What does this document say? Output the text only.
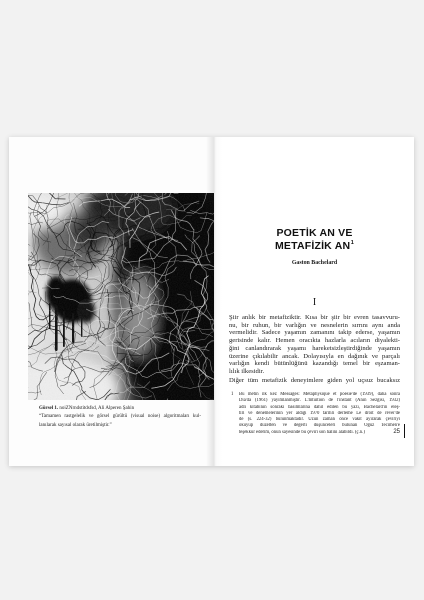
Görsel 1. noiZNrndstitdsfsd, Ali Alperen Şahin
“Tamamen rastgelelik ve görsel gürültü (visual noise) algoritmaları kul-
lanılarak sayısal olarak üretilmiştir.”
POETİK AN VE
METAFİZİK $AN^1$
Gaston Bachelard
I
Şiir anlık bir metafiziktir. Kısa bir şiir bir evren tasavvuru-
nu, bir ruhun, bir varlığın ve nesnelerin sırrını aynı anda
vermelidir. Sadece yaşamın zamanını takip ederse, yaşamın
gerisinde kalır. Hemen oracıkta hazlarla acıların diyalekti-
ğini canlandırarak yaşamı hareketsizleştirdiğinde yaşamın
üzerine çıkılabilir ancak. Dolayısıyla en dağınık ve parçalı
varlığın kendi bütünlüğünü kazandığı temel bir eşzaman-
lılık ilkesidir.
Diğer tüm metafizik deneyimlere giden yol uçsuz bucaksız
1 Bu metin ilk kez Messages: Métaphysique et poésie'de (1939), daha sonra
Dia'da (1961) yayımlanmıştır. L'Intuition de l'instant (Anın Sezgisi, 1932)
adlı kitabının sonraki basımlarına dahil edilen bu yazı, Bachelard'ın eleş-
tiri ve denemelerinin yer aldığı 1970 tarihli derleme Le droit de rêver'de
de (s. 224-32) bulunmaktadır. Uzun zaman önce vakit ayırarak çeviriyi
okuyup düzelten ve değerli düşünceleri bulunan Oğuz Tecimen'e
teşekkür ederim, onun sayesinde bu çeviri son hâlini alabildi. (ç.n.)	25
